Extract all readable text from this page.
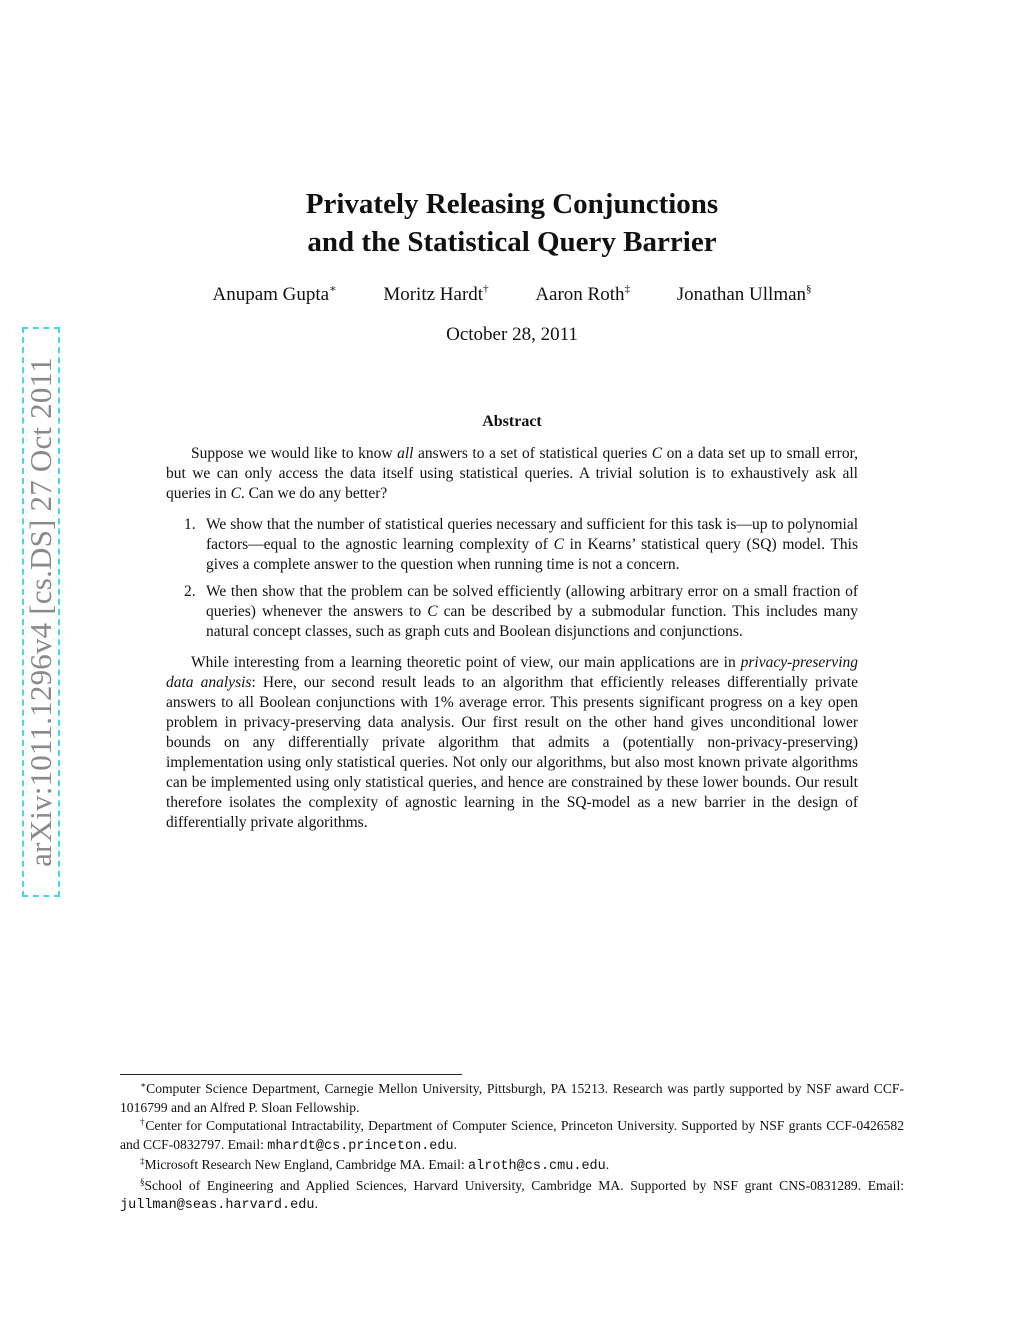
arXiv:1011.1296v4 [cs.DS] 27 Oct 2011
Privately Releasing Conjunctions
and the Statistical Query Barrier
Anupam Gupta∗ Moritz Hardt† Aaron Roth‡ Jonathan Ullman§
October 28, 2011
Abstract

Suppose we would like to know all answers to a set of statistical queries C on a data set up to small error, but we can only access the data itself using statistical queries. A trivial solution is to exhaustively ask all queries in C. Can we do any better?

1. We show that the number of statistical queries necessary and sufficient for this task is—up to polynomial factors—equal to the agnostic learning complexity of C in Kearns’ statistical query (SQ) model. This gives a complete answer to the question when running time is not a concern.
2. We then show that the problem can be solved efficiently (allowing arbitrary error on a small fraction of queries) whenever the answers to C can be described by a submodular function. This includes many natural concept classes, such as graph cuts and Boolean disjunctions and conjunctions.

While interesting from a learning theoretic point of view, our main applications are in privacy-preserving data analysis: Here, our second result leads to an algorithm that efficiently releases differentially private answers to all Boolean conjunctions with 1% average error. This presents significant progress on a key open problem in privacy-preserving data analysis. Our first result on the other hand gives unconditional lower bounds on any differentially private algorithm that admits a (potentially non-privacy-preserving) implementation using only statistical queries. Not only our algorithms, but also most known private algorithms can be implemented using only statistical queries, and hence are constrained by these lower bounds. Our result therefore isolates the complexity of agnostic learning in the SQ-model as a new barrier in the design of differentially private algorithms.

∗Computer Science Department, Carnegie Mellon University, Pittsburgh, PA 15213. Research was partly supported by NSF award CCF-1016799 and an Alfred P. Sloan Fellowship.

†Center for Computational Intractability, Department of Computer Science, Princeton University. Supported by NSF grants CCF-0426582 and CCF-0832797. Email: mhardt@cs.princeton.edu.

‡Microsoft Research New England, Cambridge MA. Email: alroth@cs.cmu.edu.

§School of Engineering and Applied Sciences, Harvard University, Cambridge MA. Supported by NSF grant CNS-0831289. Email: jullman@seas.harvard.edu.
